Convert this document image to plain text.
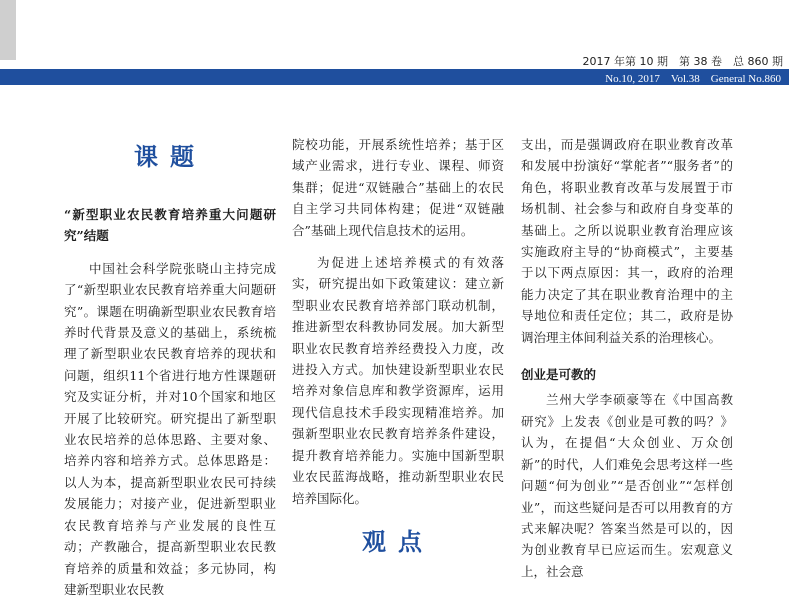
2017 年第 10 期　第 38 卷　总 860 期
No.10, 2017　Vol.38　General No.860
课题

“新型职业农民教育培养重大问题研究”结题

中国社会科学院张晓山主持完成了“新型职业农民教育培养重大问题研究”。课题在明确新型职业农民教育培养时代背景及意义的基础上，系统梳理了新型职业农民教育培养的现状和问题，组织11个省进行地方性课题研究及实证分析，并对10个国家和地区开展了比较研究。研究提出了新型职业农民培养的总体思路、主要对象、培养内容和培养方式。总体思路是：以人为本，提高新型职业农民可持续发展能力；对接产业，促进新型职业农民教育培养与产业发展的良性互动；产教融合，提高新型职业农民教育培养的质量和效益；多元协同，构建新型职业农民教

院校功能，开展系统性培养；基于区域产业需求，进行专业、课程、师资集群；促进“双链融合”基础上的农民自主学习共同体构建；促进“双链融合”基础上现代信息技术的运用。

为促进上述培养模式的有效落实，研究提出如下政策建议：建立新型职业农民教育培养部门联动机制，推进新型农科教协同发展。加大新型职业农民教育培养经费投入力度，改进投入方式。加快建设新型职业农民培养对象信息库和教学资源库，运用现代信息技术手段实现精准培养。加强新型职业农民教育培养条件建设，提升教育培养能力。实施中国新型职业农民蓝海战略，推动新型职业农民培养国际化。

观点

支出，而是强调政府在职业教育改革和发展中扮演好“掌舵者”“服务者”的角色，将职业教育改革与发展置于市场机制、社会参与和政府自身变革的基础上。之所以说职业教育治理应该实施政府主导的“协商模式”，主要基于以下两点原因：其一，政府的治理能力决定了其在职业教育治理中的主导地位和责任定位；其二，政府是协调治理主体间利益关系的治理核心。

创业是可教的

兰州大学李硕豪等在《中国高教研究》上发表《创业是可教的吗？》认为，在提倡“大众创业、万众创新”的时代，人们难免会思考这样一些问题“何为创业”“是否创业”“怎样创业”，而这些疑问是否可以用教育的方式来解决呢？答案当然是可以的，因为创业教育早已应运而生。宏观意义上，社会意
